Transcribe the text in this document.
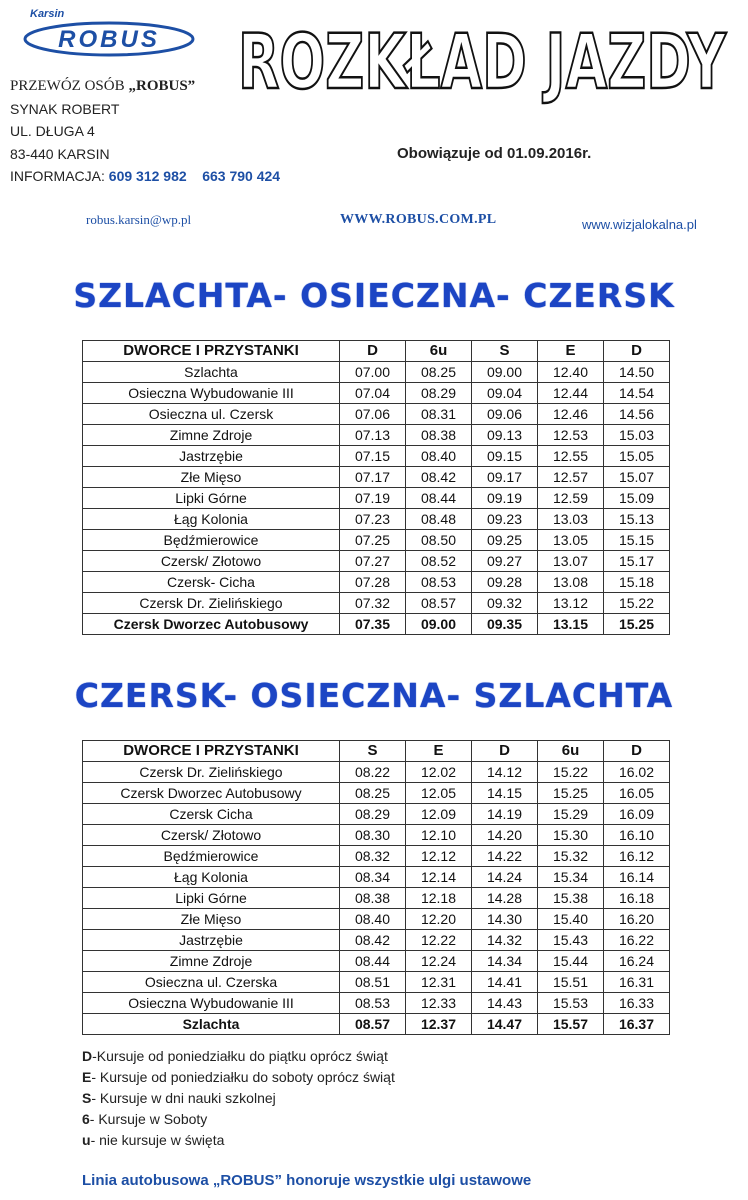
Karsin
ROBUS ROZKŁAD JAZDY
PRZEWÓZ OSÓB „ROBUS”
SYNAK ROBERT
UL. DŁUGA 4
83-440 KARSIN
INFORMACJA: 609 312 982 663 790 424
Obowiązuje od 01.09.2016r.
robus.karsin@wp.pl	WWW.ROBUS.COM.PL	www.wizjalokalna.pl
SZLACHTA- OSIECZNA- CZERSK
DWORCE I PRZYSTANKI	D	6u	S	E	D
Szlachta	07.00	08.25	09.00	12.40	14.50
Osieczna Wybudowanie III	07.04	08.29	09.04	12.44	14.54
Osieczna ul. Czersk	07.06	08.31	09.06	12.46	14.56
Zimne Zdroje	07.13	08.38	09.13	12.53	15.03
Jastrzębie	07.15	08.40	09.15	12.55	15.05
Złe Mięso	07.17	08.42	09.17	12.57	15.07
Lipki Górne	07.19	08.44	09.19	12.59	15.09
Łąg Kolonia	07.23	08.48	09.23	13.03	15.13
Będźmierowice	07.25	08.50	09.25	13.05	15.15
Czersk/ Złotowo	07.27	08.52	09.27	13.07	15.17
Czersk- Cicha	07.28	08.53	09.28	13.08	15.18
Czersk Dr. Zielińskiego	07.32	08.57	09.32	13.12	15.22
Czersk Dworzec Autobusowy	07.35	09.00	09.35	13.15	15.25
CZERSK- OSIECZNA- SZLACHTA
DWORCE I PRZYSTANKI	S	E	D	6u	D
Czersk Dr. Zielińskiego	08.22	12.02	14.12	15.22	16.02
Czersk Dworzec Autobusowy	08.25	12.05	14.15	15.25	16.05
Czersk Cicha	08.29	12.09	14.19	15.29	16.09
Czersk/ Złotowo	08.30	12.10	14.20	15.30	16.10
Będźmierowice	08.32	12.12	14.22	15.32	16.12
Łąg Kolonia	08.34	12.14	14.24	15.34	16.14
Lipki Górne	08.38	12.18	14.28	15.38	16.18
Złe Mięso	08.40	12.20	14.30	15.40	16.20
Jastrzębie	08.42	12.22	14.32	15.43	16.22
Zimne Zdroje	08.44	12.24	14.34	15.44	16.24
Osieczna ul. Czerska	08.51	12.31	14.41	15.51	16.31
Osieczna Wybudowanie III	08.53	12.33	14.43	15.53	16.33
Szlachta	08.57	12.37	14.47	15.57	16.37
D-Kursuje od poniedziałku do piątku oprócz świąt
E- Kursuje od poniedziałku do soboty oprócz świąt
S- Kursuje w dni nauki szkolnej
6- Kursuje w Soboty
u- nie kursuje w święta
Linia autobusowa „ROBUS” honoruje wszystkie ulgi ustawowe
